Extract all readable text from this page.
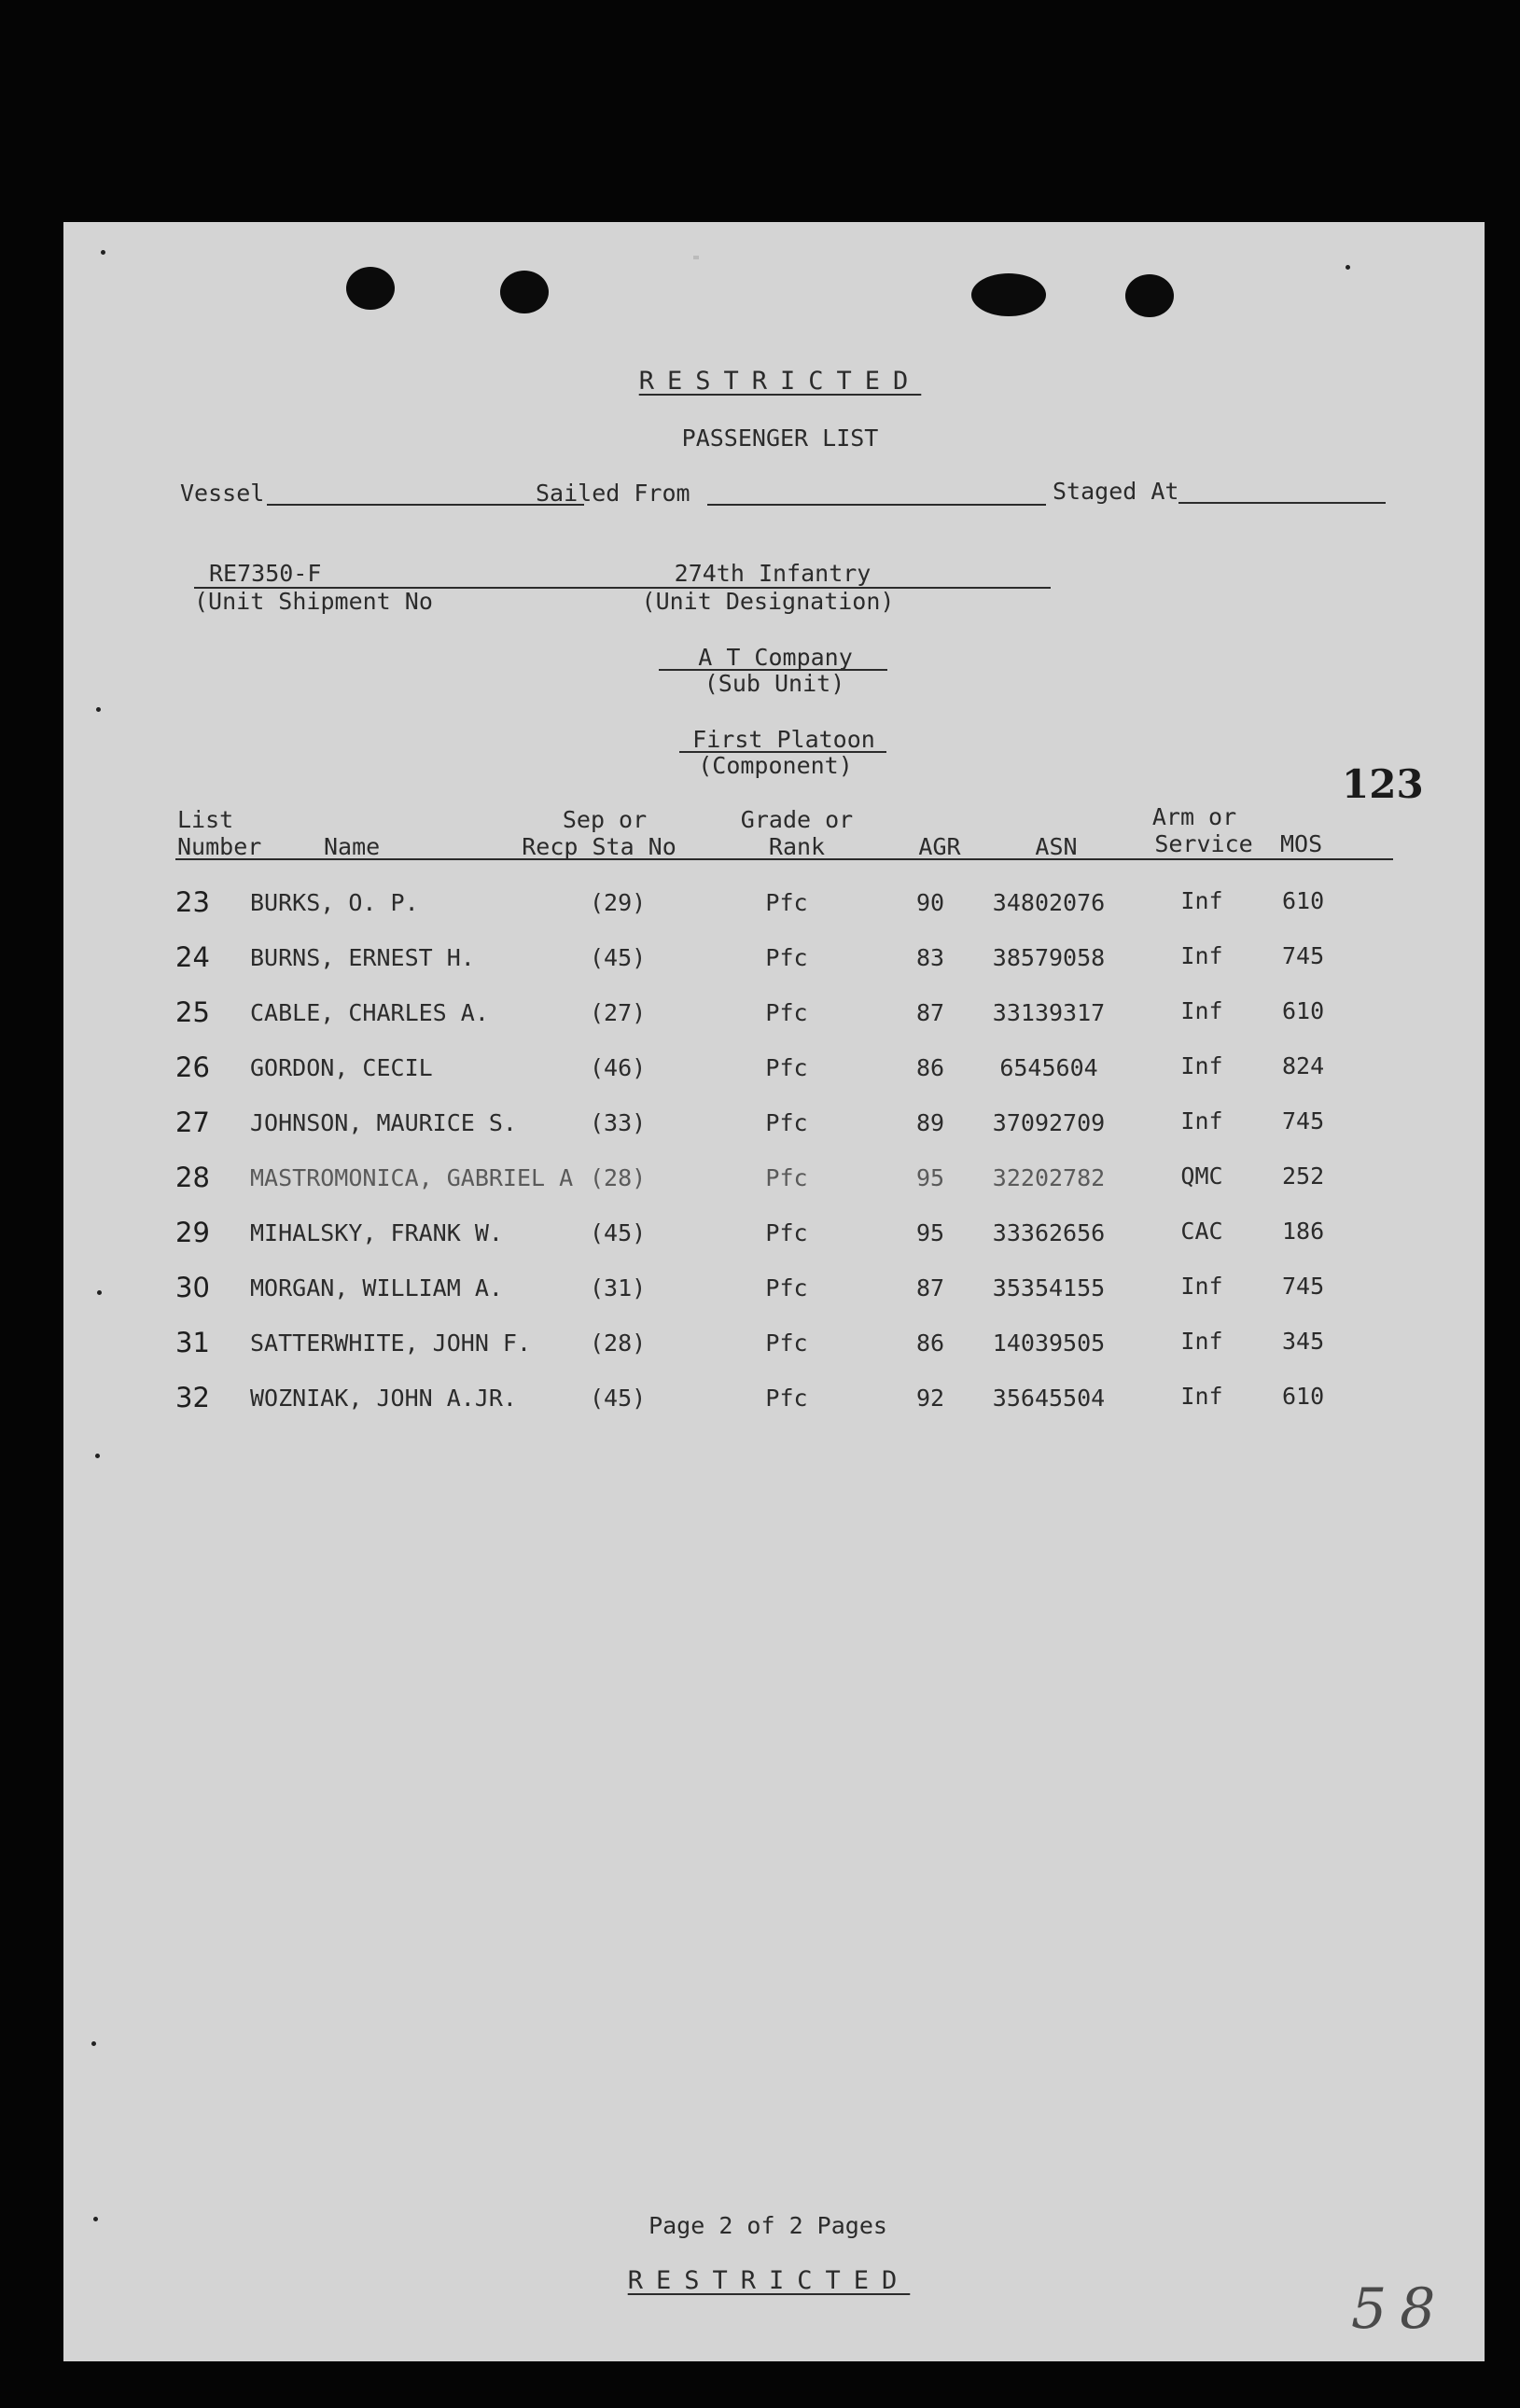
RESTRICTED
PASSENGER LIST
Vessel	Sailed From	Staged At
RE7350-F
(Unit Shipment No
274th Infantry
(Unit Designation)
A T Company
(Sub Unit)
First Platoon
(Component)	123
List
Number	Name
Sep or
Recp Sta No
Grade or
Rank	AGR	ASN
Arm or
Service MOS
23 BURKS, O. P.	(29)	Pfc	90 34802076	Inf	610
24 BURNS, ERNEST H.	(45)	Pfc	83 38579058	Inf	745
25 CABLE, CHARLES A.	(27)	Pfc	87 33139317	Inf	610
26 GORDON, CECIL	(46)	Pfc	86 6545604	Inf	824
27 JOHNSON, MAURICE S.	(33)	Pfc	89 37092709	Inf	745
28 MASTROMONICA, GABRIEL A (28)	Pfc	95 32202782	QMC	252
29 MIHALSKY, FRANK W.	(45)	Pfc	95 33362656	CAC	186
30 MORGAN, WILLIAM A.	(31)	Pfc	87 35354155	Inf	745
31 SATTERWHITE, JOHN F.	(28)	Pfc	86 14039505	Inf	345
32 WOZNIAK, JOHN A.JR.	(45)	Pfc	92 35645504	Inf	610
Page 2 of 2 Pages
RESTRICTED	58
